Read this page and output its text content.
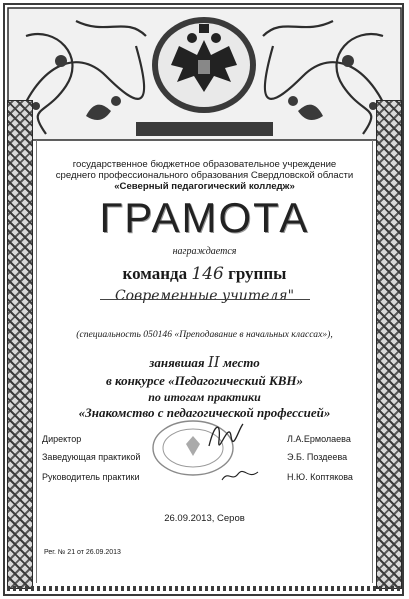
государственное бюджетное образовательное учреждение
среднего профессионального образования Свердловской области
«Северный педагогический колледж»
ГРАМОТА
награждается
команда 146 группы
Современные учителя"
(специальность 050146 «Преподавание в начальных классах»),
занявшая II место
в конкурсе «Педагогический КВН»
по итогам практики
«Знакомство с педагогической профессией»
Директор	Л.А.Ермолаева
Заведующая практикой	Э.Б. Поздеева
Руководитель практики	Н.Ю. Коптякова
26.09.2013, Серов
Рег. № 21 от 26.09.2013
